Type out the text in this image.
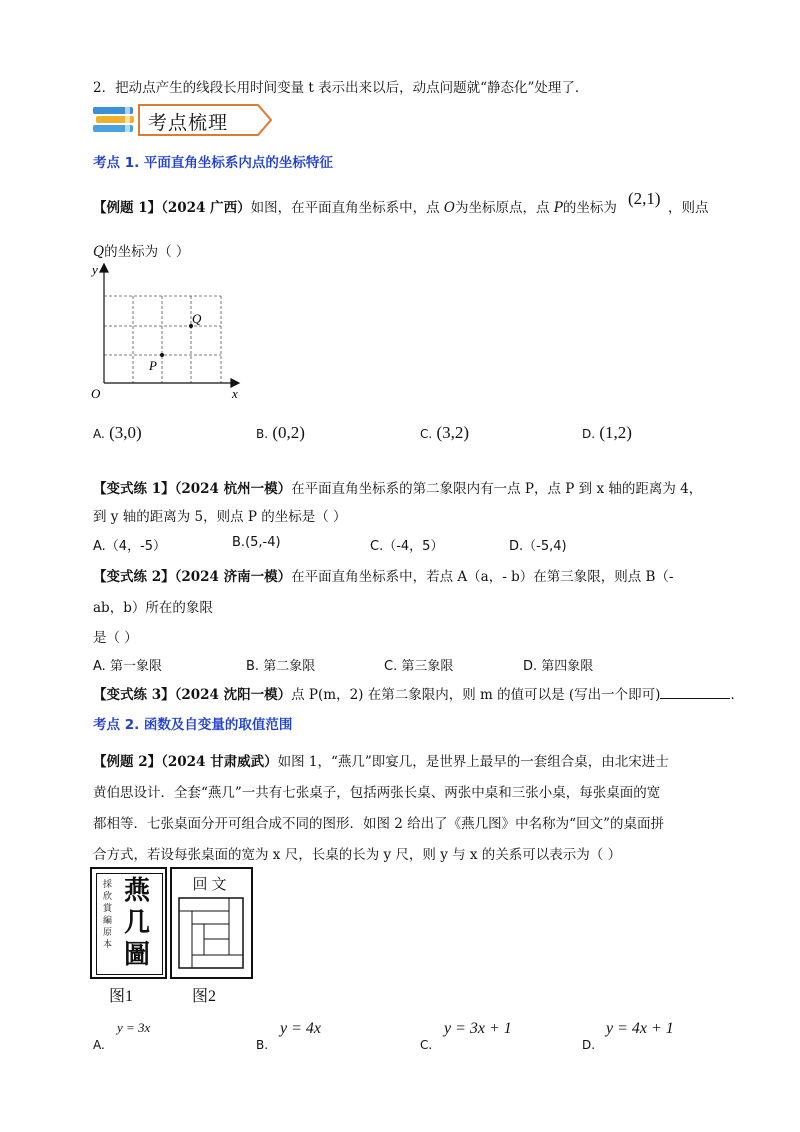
2．把动点产生的线段长用时间变量 t 表示出来以后，动点问题就“静态化”处理了．
考点梳理
考点 1. 平面直角坐标系内点的坐标特征
【例题 1】（2024 广西）如图，在平面直角坐标系中，点 O为坐标原点，点 P的坐标为 (2,1) ，则点
Q的坐标为（ ）
y
x
O
P
Q
A. (3,0)	B. (0,2)	C. (3,2)	D. (1,2)
【变式练 1】（2024 杭州一模）在平面直角坐标系的第二象限内有一点 P，点 P 到 x 轴的距离为 4，
到 y 轴的距离为 5，则点 P 的坐标是（ ）
A.（4，-5）	B.(5,-4)	C.（-4，5）	D.（-5,4)
【变式练 2】（2024 济南一模）在平面直角坐标系中，若点 A（a，- b）在第三象限，则点 B（-
ab，b）所在的象限
是（ ）
A. 第一象限	B. 第二象限	C. 第三象限	D. 第四象限
【变式练 3】（2024 沈阳一模）点 P(m，2) 在第二象限内，则 m 的值可以是 (写出一个即可)	．
考点 2. 函数及自变量的取值范围
【例题 2】（2024 甘肃威武）如图 1，“燕几”即宴几，是世界上最早的一套组合桌，由北宋进士
黄伯思设计．全套“燕几”一共有七张桌子，包括两张长桌、两张中桌和三张小桌，每张桌面的宽
都相等．七张桌面分开可组合成不同的图形．如图 2 给出了《燕几图》中名称为“回文”的桌面拼
合方式，若设每张桌面的宽为 x 尺，长桌的长为 y 尺，则 y 与 x 的关系可以表示为（ ）
採欣賞編原本
燕几圖
图1
回文
图2
A.
y = 3x
B.
y = 4x
C.
y = 3x + 1
D.
y = 4x + 1
